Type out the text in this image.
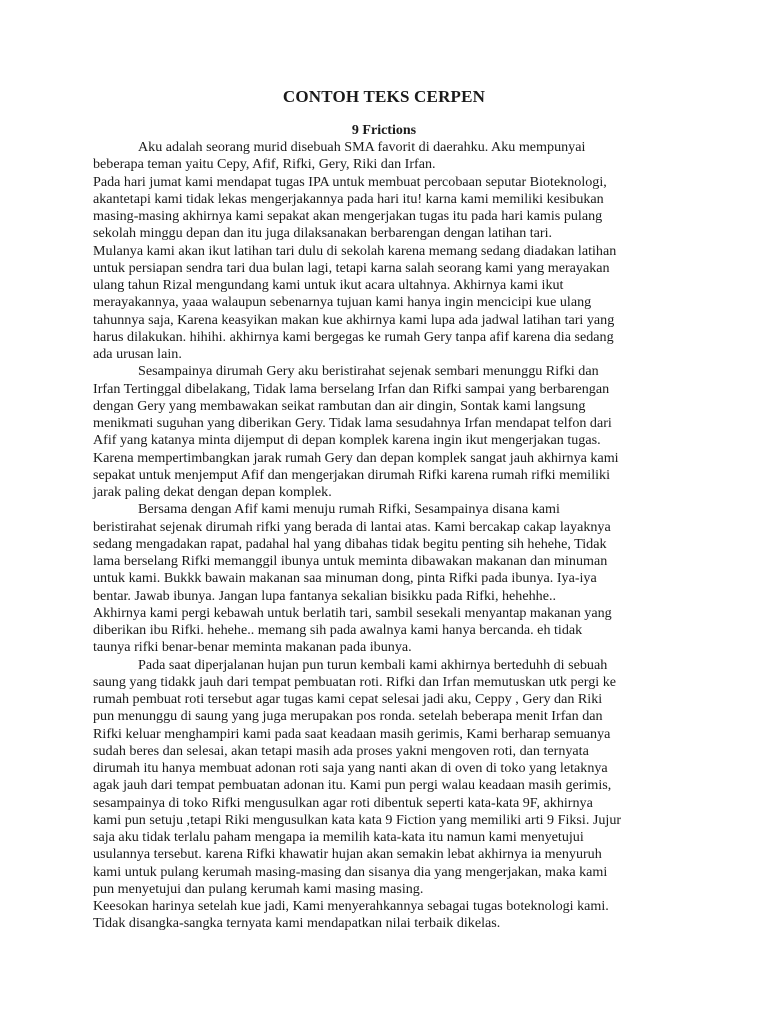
CONTOH TEKS CERPEN
9 Frictions
Aku adalah seorang murid disebuah SMA favorit di daerahku. Aku mempunyai
beberapa teman yaitu Cepy, Afif, Rifki, Gery, Riki dan Irfan.
Pada hari jumat kami mendapat tugas IPA untuk membuat percobaan seputar Bioteknologi,
akantetapi kami tidak lekas mengerjakannya pada hari itu! karna kami memiliki kesibukan
masing-masing akhirnya kami sepakat akan mengerjakan tugas itu pada hari kamis pulang
sekolah minggu depan dan itu juga dilaksanakan berbarengan dengan latihan tari.
Mulanya kami akan ikut latihan tari dulu di sekolah karena memang sedang diadakan latihan
untuk persiapan sendra tari dua bulan lagi, tetapi karna salah seorang kami yang merayakan
ulang tahun Rizal mengundang kami untuk ikut acara ultahnya. Akhirnya kami ikut
merayakannya, yaaa walaupun sebenarnya tujuan kami hanya ingin mencicipi kue ulang
tahunnya saja, Karena keasyikan makan kue akhirnya kami lupa ada jadwal latihan tari yang
harus dilakukan. hihihi. akhirnya kami bergegas ke rumah Gery tanpa afif karena dia sedang
ada urusan lain.
Sesampainya dirumah Gery aku beristirahat sejenak sembari menunggu Rifki dan
Irfan Tertinggal dibelakang, Tidak lama berselang Irfan dan Rifki sampai yang berbarengan
dengan Gery yang membawakan seikat rambutan dan air dingin, Sontak kami langsung
menikmati suguhan yang diberikan Gery. Tidak lama sesudahnya Irfan mendapat telfon dari
Afif yang katanya minta dijemput di depan komplek karena ingin ikut mengerjakan tugas.
Karena mempertimbangkan jarak rumah Gery dan depan komplek sangat jauh akhirnya kami
sepakat untuk menjemput Afif dan mengerjakan dirumah Rifki karena rumah rifki memiliki
jarak paling dekat dengan depan komplek.
Bersama dengan Afif kami menuju rumah Rifki, Sesampainya disana kami
beristirahat sejenak dirumah rifki yang berada di lantai atas. Kami bercakap cakap layaknya
sedang mengadakan rapat, padahal hal yang dibahas tidak begitu penting sih hehehe, Tidak
lama berselang Rifki memanggil ibunya untuk meminta dibawakan makanan dan minuman
untuk kami. Bukkk bawain makanan saa minuman dong, pinta Rifki pada ibunya. Iya-iya
bentar. Jawab ibunya. Jangan lupa fantanya sekalian bisikku pada Rifki, hehehhe..
Akhirnya kami pergi kebawah untuk berlatih tari, sambil sesekali menyantap makanan yang
diberikan ibu Rifki. hehehe.. memang sih pada awalnya kami hanya bercanda. eh tidak
taunya rifki benar-benar meminta makanan pada ibunya.
Pada saat diperjalanan hujan pun turun kembali kami akhirnya berteduhh di sebuah
saung yang tidakk jauh dari tempat pembuatan roti. Rifki dan Irfan memutuskan utk pergi ke
rumah pembuat roti tersebut agar tugas kami cepat selesai jadi aku, Ceppy , Gery dan Riki
pun menunggu di saung yang juga merupakan pos ronda. setelah beberapa menit Irfan dan
Rifki keluar menghampiri kami pada saat keadaan masih gerimis, Kami berharap semuanya
sudah beres dan selesai, akan tetapi masih ada proses yakni mengoven roti, dan ternyata
dirumah itu hanya membuat adonan roti saja yang nanti akan di oven di toko yang letaknya
agak jauh dari tempat pembuatan adonan itu. Kami pun pergi walau keadaan masih gerimis,
sesampainya di toko Rifki mengusulkan agar roti dibentuk seperti kata-kata 9F, akhirnya
kami pun setuju ,tetapi Riki mengusulkan kata kata 9 Fiction yang memiliki arti 9 Fiksi. Jujur
saja aku tidak terlalu paham mengapa ia memilih kata-kata itu namun kami menyetujui
usulannya tersebut. karena Rifki khawatir hujan akan semakin lebat akhirnya ia menyuruh
kami untuk pulang kerumah masing-masing dan sisanya dia yang mengerjakan, maka kami
pun menyetujui dan pulang kerumah kami masing masing.
Keesokan harinya setelah kue jadi, Kami menyerahkannya sebagai tugas boteknologi kami.
Tidak disangka-sangka ternyata kami mendapatkan nilai terbaik dikelas.
